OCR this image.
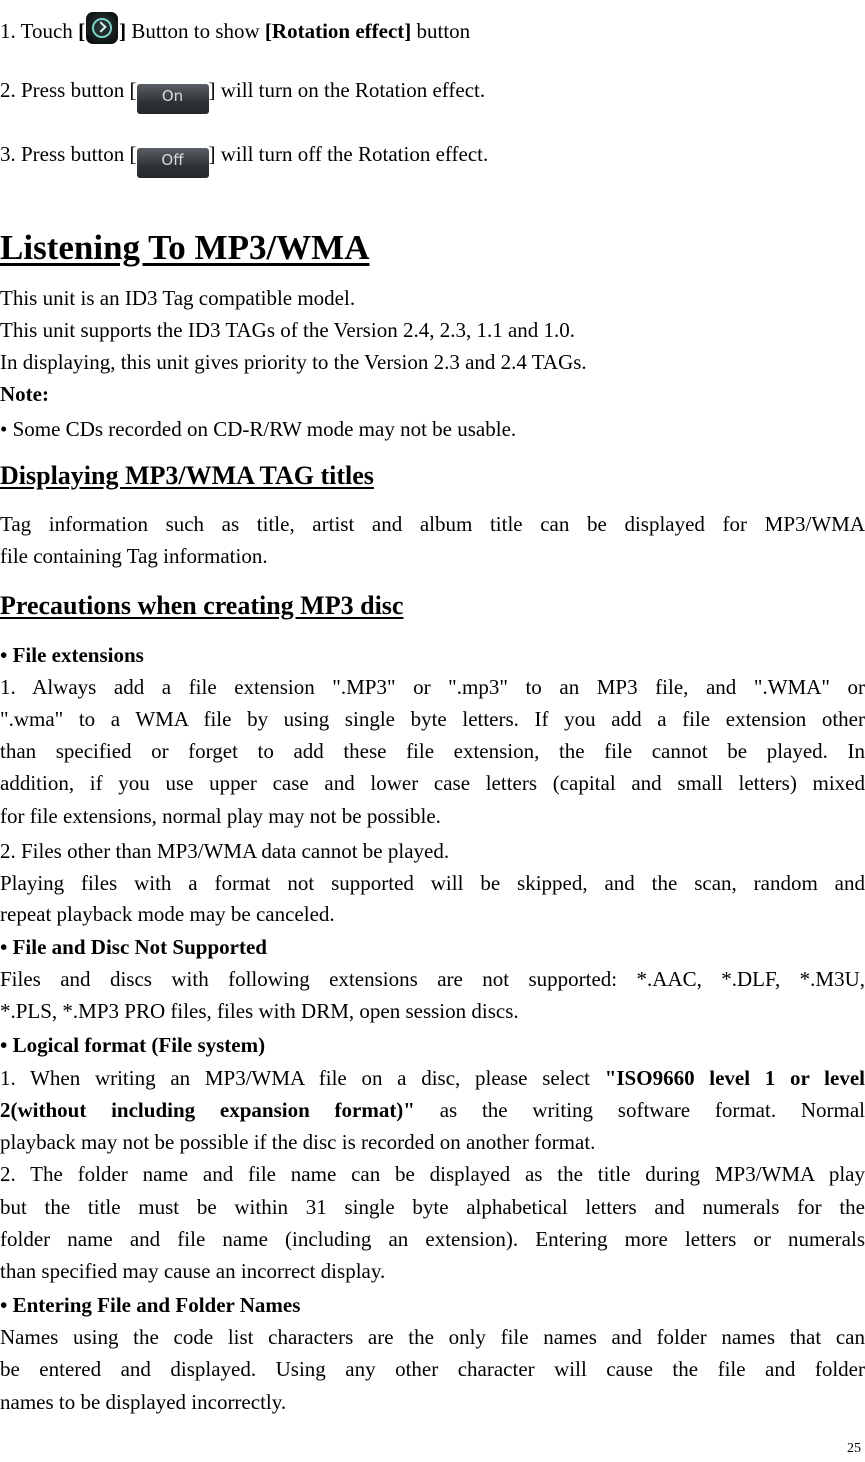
1. Touch [ ] Button to show [Rotation effect] button
2. Press button [ On ] will turn on the Rotation effect.
3. Press button [ Off ] will turn off the Rotation effect.
Listening To MP3/WMA
This unit is an ID3 Tag compatible model.
This unit supports the ID3 TAGs of the Version 2.4, 2.3, 1.1 and 1.0.
In displaying, this unit gives priority to the Version 2.3 and 2.4 TAGs.
Note:
• Some CDs recorded on CD-R/RW mode may not be usable.
Displaying MP3/WMA TAG titles
Tag information such as title, artist and album title can be displayed for MP3/WMA
file containing Tag information.
Precautions when creating MP3 disc
• File extensions
1. Always add a file extension ".MP3" or ".mp3" to an MP3 file, and ".WMA" or
".wma" to a WMA file by using single byte letters. If you add a file extension other
than specified or forget to add these file extension, the file cannot be played. In
addition, if you use upper case and lower case letters (capital and small letters) mixed
for file extensions, normal play may not be possible.
2. Files other than MP3/WMA data cannot be played.
Playing files with a format not supported will be skipped, and the scan, random and
repeat playback mode may be canceled.
• File and Disc Not Supported
Files and discs with following extensions are not supported: *.AAC, *.DLF, *.M3U,
*.PLS, *.MP3 PRO files, files with DRM, open session discs.
• Logical format (File system)
1. When writing an MP3/WMA file on a disc, please select "ISO9660 level 1 or level
2(without including expansion format)" as the writing software format. Normal
playback may not be possible if the disc is recorded on another format.
2. The folder name and file name can be displayed as the title during MP3/WMA play
but the title must be within 31 single byte alphabetical letters and numerals for the
folder name and file name (including an extension). Entering more letters or numerals
than specified may cause an incorrect display.
• Entering File and Folder Names
Names using the code list characters are the only file names and folder names that can
be entered and displayed. Using any other character will cause the file and folder
names to be displayed incorrectly.
25
